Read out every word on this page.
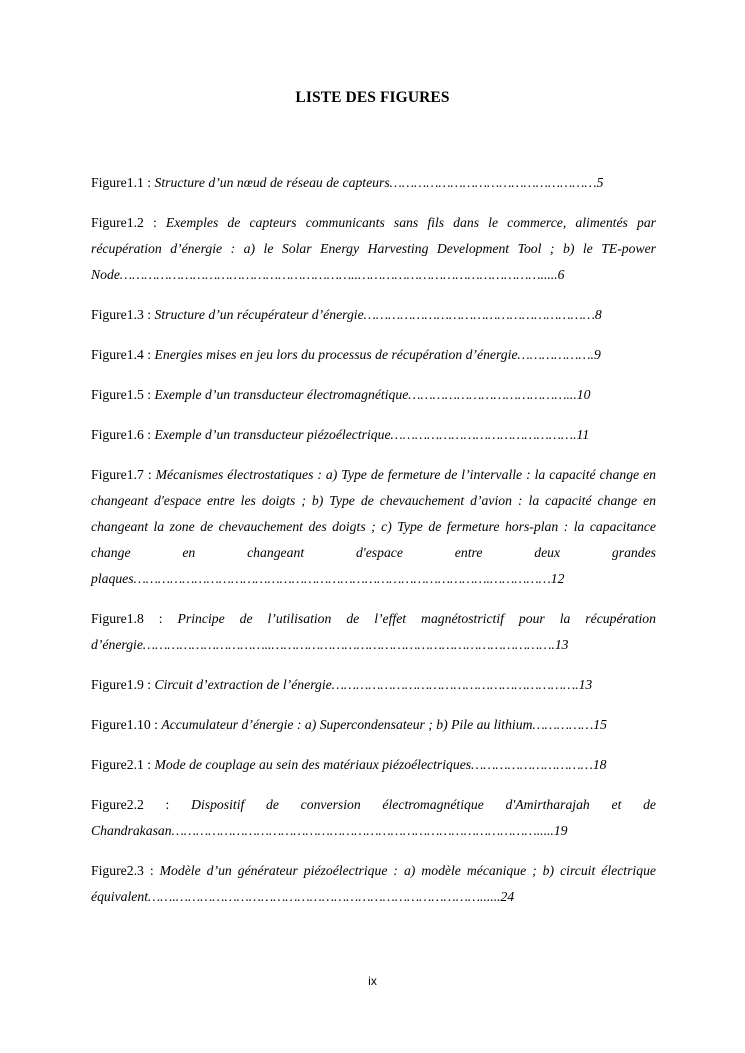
LISTE DES FIGURES
Figure1.1 : Structure d’un nœud de réseau de capteurs……………………………………………5
Figure1.2 : Exemples de capteurs communicants sans fils dans le commerce, alimentés par récupération d’énergie : a) le Solar Energy Harvesting Development Tool ; b) le TE-power Node…………………………………………………..……………………………………….....6
Figure1.3 : Structure d’un récupérateur d’énergie…………………………………………………8
Figure1.4 : Energies mises en jeu lors du processus de récupération d’énergie……………….9
Figure1.5 : Exemple d’un transducteur électromagnétique…………………………………...10
Figure1.6 : Exemple d’un transducteur piézoélectrique……………………………………….11
Figure1.7 : Mécanismes électrostatiques : a) Type de fermeture de l’intervalle : la capacité change en changeant d'espace entre les doigts ; b) Type de chevauchement d’avion : la capacité change en changeant la zone de chevauchement des doigts ; c) Type de fermeture hors-plan : la capacitance change en changeant d'espace entre deux grandes plaques…………………………………………………………………………….……………12
Figure1.8 : Principe de l’utilisation de l’effet magnétostrictif pour la récupération d’énergie…………………………..…………………………………………………………….13
Figure1.9 : Circuit d’extraction de l’énergie…………………………………………………….13
Figure1.10 : Accumulateur d’énergie : a) Supercondensateur ; b) Pile au lithium……………15
Figure2.1 : Mode de couplage au sein des matériaux piézoélectriques…………………………18
Figure2.2 : Dispositif de conversion électromagnétique d'Amirtharajah et de Chandrakasan……………………………………………………………………………….....19
Figure2.3 : Modèle d’un générateur piézoélectrique : a) modèle mécanique ; b) circuit électrique équivalent…….…………………………………………………………………......24
ix
